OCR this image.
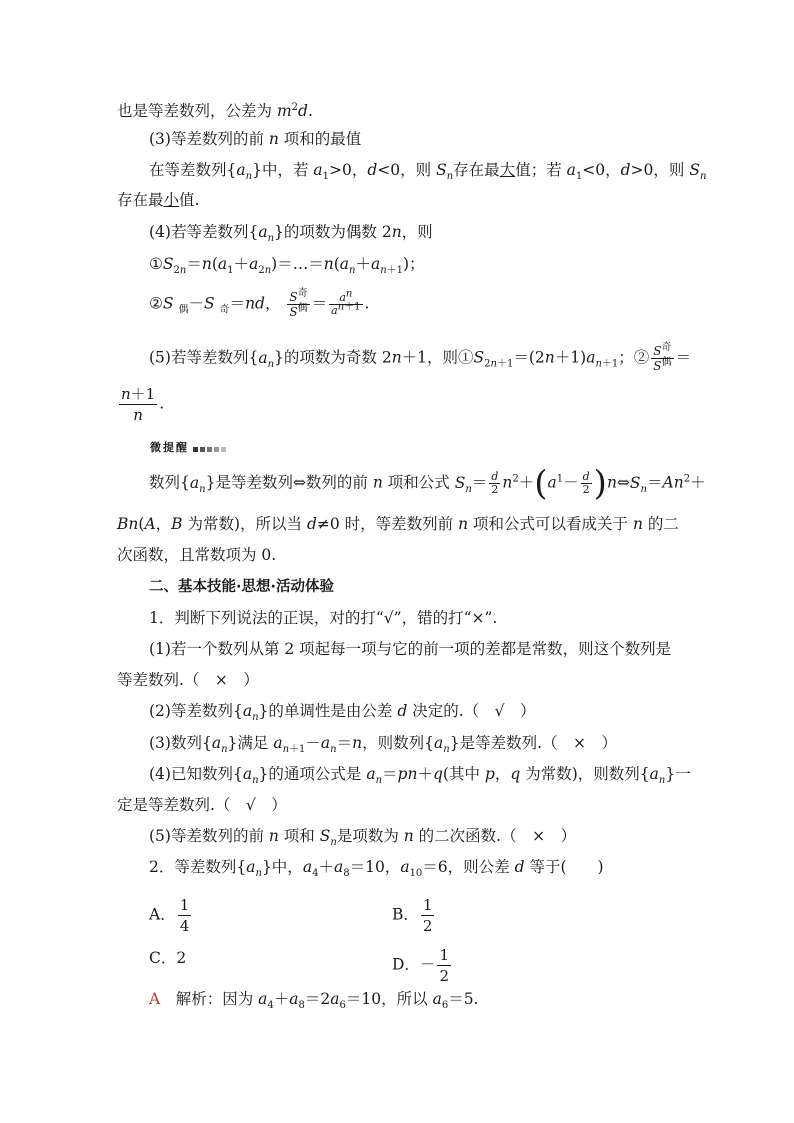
也是等差数列，公差为 $m^2d$.
(3)等差数列的前 n 项和的最值
在等差数列$\{a_n\}$中，若 $a_1>0$，d<0，则 $S_n$存在最大值；若 $a_1<0$，d>0，则 $S_n$
存在最小值.
(4)若等差数列$\{a_n\}$的项数为偶数 2n，则
$①S_{2n}=n(a_1+a_{2n})=\dots=n(a_n+a_{n+1})$；
②S $_偶$－S $_奇$＝nd， $\frac{S^奇}{S^偶} = \frac{a^n}{a^{n+1}}$ .
(5)若等差数列$\{a_n\}$的项数为奇数 2n＋1，则$①S_{2n+1}=(2n+1)a_{n+1}$；② $\frac{S^奇}{S^偶}$ ＝
$\frac{n+1}{n}$ .
微提醒
数列$\{a_n\}$是等差数列⇔数列的前 n 项和公式 $S_n= \frac{d}{2} n^2+(a^1- \frac{d}{2}$ )$n\Leftrightarrow S_n=An^2+$
Bn(A，B 为常数)，所以当 d≠0 时，等差数列前 n 项和公式可以看成关于 n 的二
次函数，且常数项为 0.
二、基本技能·思想·活动体验
1．判断下列说法的正误，对的打“√”，错的打“×”.
(1)若一个数列从第 2 项起每一项与它的前一项的差都是常数，则这个数列是
等差数列.（　×　）
(2)等差数列$\{a_n\}$的单调性是由公差 d 决定的.（　√　）
(3)数列$\{a_n\}$满足 $a_{n+1}-a_n=n$，则数列$\{a_n\}$是等差数列.（　×　）
(4)已知数列$\{a_n\}$的通项公式是 $a_n=pn+q$(其中 p，q 为常数)，则数列$\{a_n\}$一
定是等差数列.（　√　）
(5)等差数列的前 n 项和 $S_n$是项数为 n 的二次函数.（　×　）
2．等差数列$\{a_n\}$中，$a_4+a_8=10$，$a_{10}=6$，则公差 d 等于(　　)
A． $\frac{1}{4}$	B． $\frac{1}{2}$
C．2	D．－ $\frac{1}{2}$
A　解析：因为 $a_4+a_8=2a_6=10$，所以 $a_6=5$.
